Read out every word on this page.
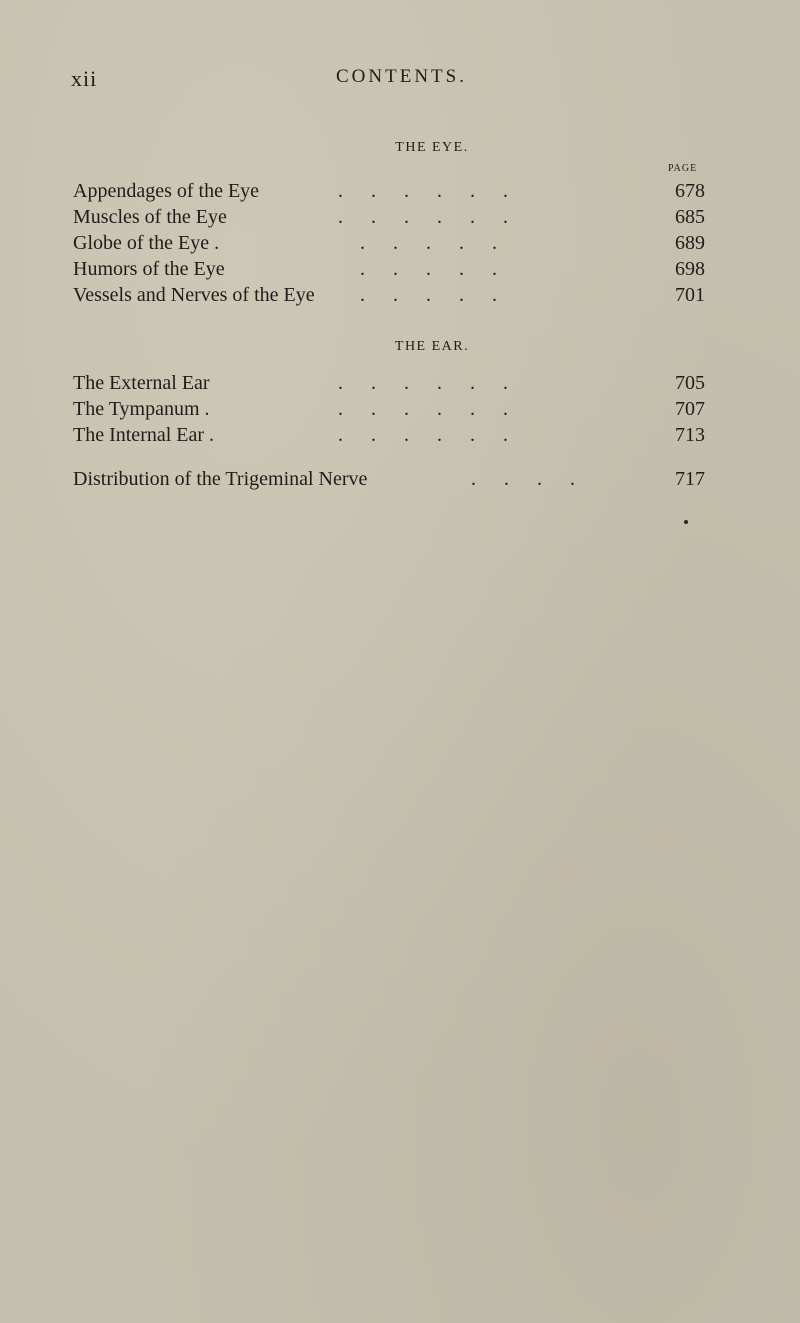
xii	CONTENTS.
THE EYE.
PAGE
Appendages of the Eye	. . . . . .	678
Muscles of the Eye	. . . . . .	685
Globe of the Eye .	. . . . .	689
Humors of the Eye	. . . . .	698
Vessels and Nerves of the Eye . . . . .	701
THE EAR.
The External Ear	. . . . . .	705
The Tympanum .	. . . . . .	707
The Internal Ear .	. . . . . .	713
Distribution of the Trigeminal Nerve	. . . .	717
